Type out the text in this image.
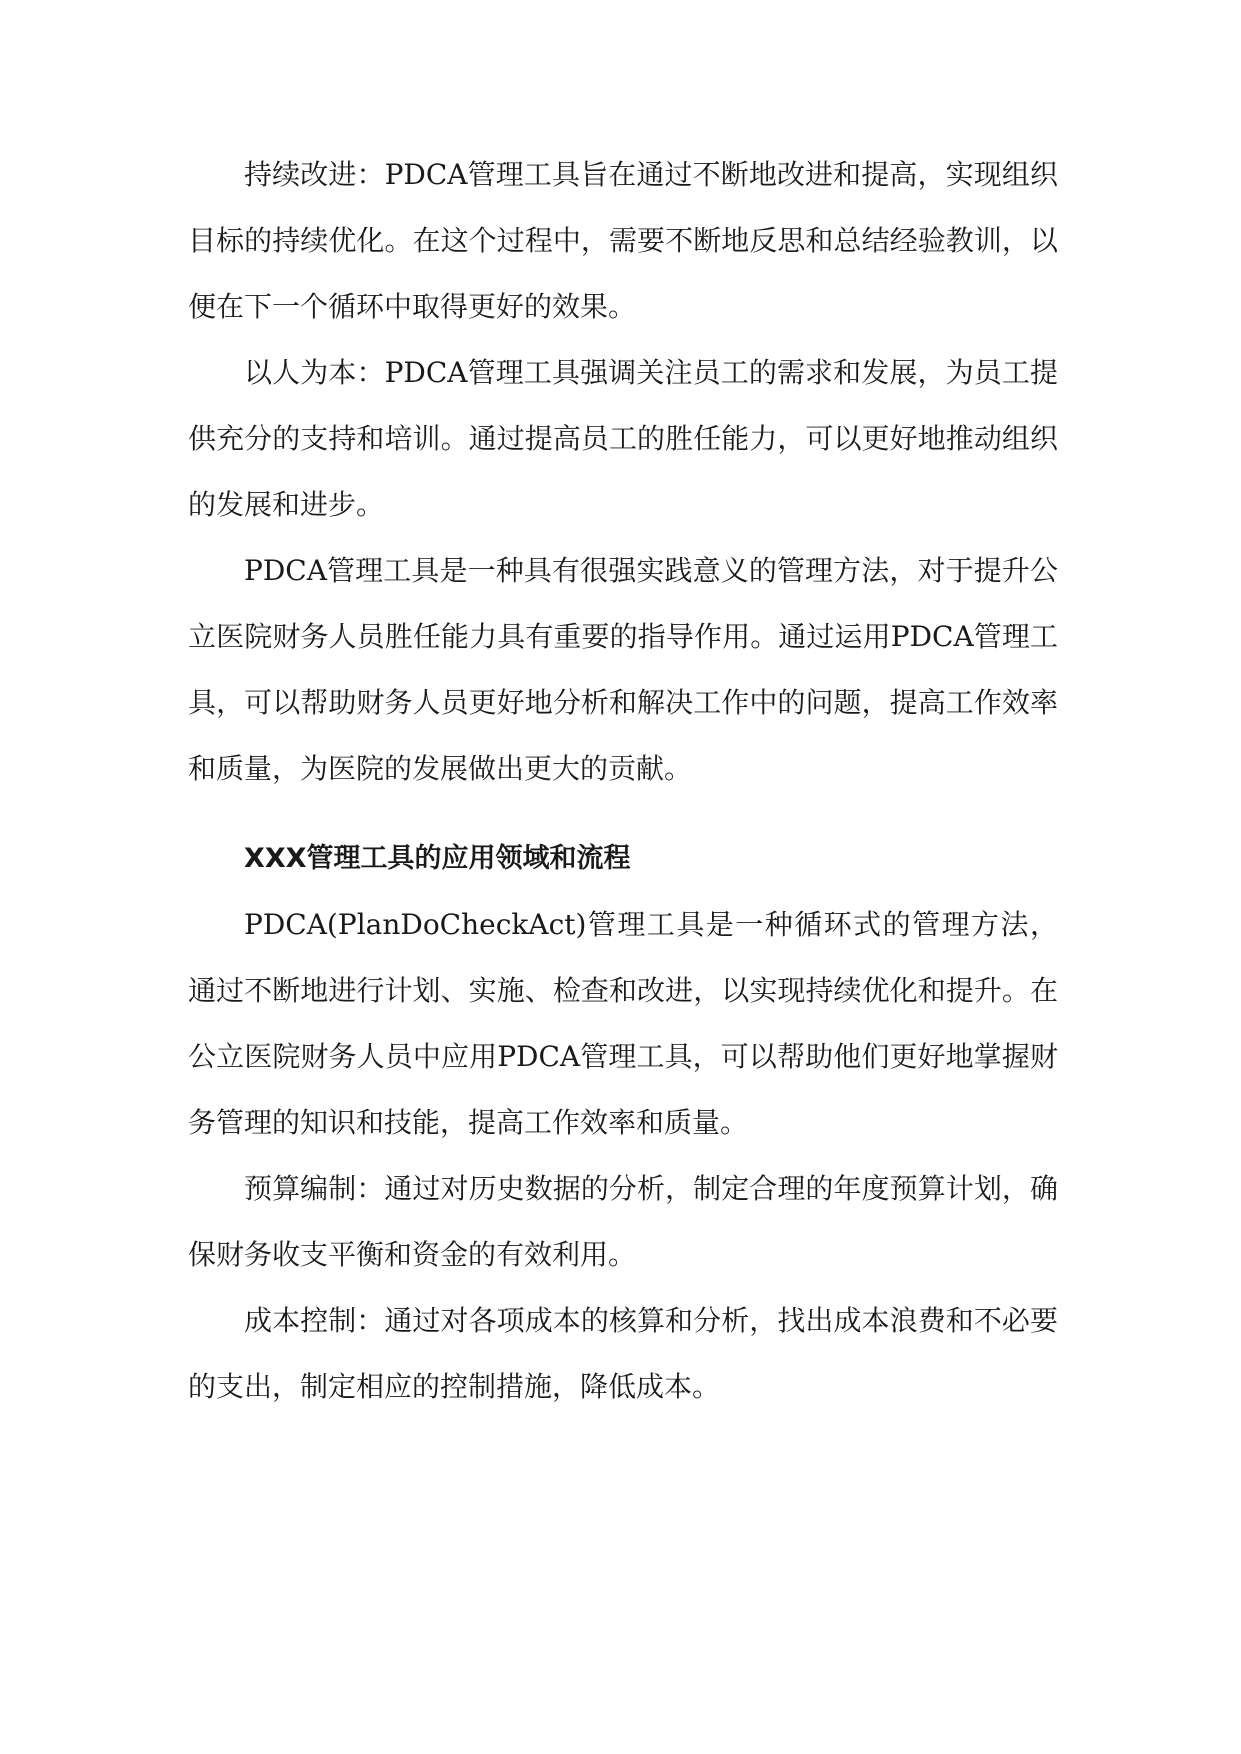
持续改进：PDCA管理工具旨在通过不断地改进和提高，实现组织目标的持续优化。在这个过程中，需要不断地反思和总结经验教训，以便在下一个循环中取得更好的效果。

以人为本：PDCA管理工具强调关注员工的需求和发展，为员工提供充分的支持和培训。通过提高员工的胜任能力，可以更好地推动组织的发展和进步。

PDCA管理工具是一种具有很强实践意义的管理方法，对于提升公立医院财务人员胜任能力具有重要的指导作用。通过运用PDCA管理工具，可以帮助财务人员更好地分析和解决工作中的问题，提高工作效率和质量，为医院的发展做出更大的贡献。

XXX管理工具的应用领域和流程

PDCA(PlanDoCheckAct)管理工具是一种循环式的管理方法，通过不断地进行计划、实施、检查和改进，以实现持续优化和提升。在公立医院财务人员中应用PDCA管理工具，可以帮助他们更好地掌握财务管理的知识和技能，提高工作效率和质量。

预算编制：通过对历史数据的分析，制定合理的年度预算计划，确保财务收支平衡和资金的有效利用。

成本控制：通过对各项成本的核算和分析，找出成本浪费和不必要的支出，制定相应的控制措施，降低成本。
